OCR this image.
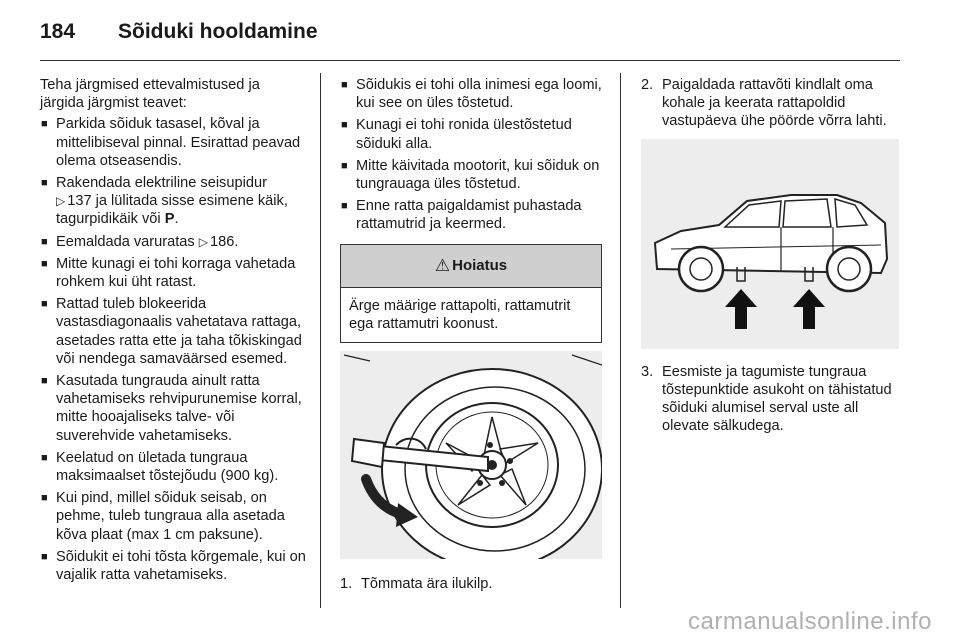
184	Sõiduki hooldamine

Teha järgmised ettevalmistused ja järgida järgmist teavet:

■ Parkida sõiduk tasasel, kõval ja mittelibiseval pinnal. Esirattad peavad olema otseasendis.
■ Rakendada elektriline seisupidur ▷ 137 ja lülitada sisse esimene käik, tagurpidikäik või P.
■ Eemaldada varuratas ▷ 186.
■ Mitte kunagi ei tohi korraga vahetada rohkem kui üht ratast.
■ Rattad tuleb blokeerida vastasdiagonaalis vahetatava rattaga, asetades ratta ette ja taha tõkiskingad või nendega samaväärsed esemed.
■ Kasutada tungrauda ainult ratta vahetamiseks rehvipurunemise korral, mitte hooajaliseks talve- või suverehvide vahetamiseks.
■ Keelatud on ületada tungraua maksimaalset tõstejõudu (900 kg).
■ Kui pind, millel sõiduk seisab, on pehme, tuleb tungraua alla asetada kõva plaat (max 1 cm paksune).
■ Sõidukit ei tohi tõsta kõrgemale, kui on vajalik ratta vahetamiseks.
■ Sõidukis ei tohi olla inimesi ega loomi, kui see on üles tõstetud.
■ Kunagi ei tohi ronida ülestõstetud sõiduki alla.
■ Mitte käivitada mootorit, kui sõiduk on tungrauaga üles tõstetud.
■ Enne ratta paigaldamist puhastada rattamutrid ja keermed.
⚠ Hoiatus
Ärge määrige rattapolti, rattamutrit ega rattamutri koonust.
1. Tõmmata ära ilukilp.
2. Paigaldada rattavõti kindlalt oma kohale ja keerata rattapoldid vastupäeva ühe pöörde võrra lahti.
3. Eesmiste ja tagumiste tungraua tõstepunktide asukoht on tähistatud sõiduki alumisel serval uste all olevate sälkudega.
carmanualsonline.info
